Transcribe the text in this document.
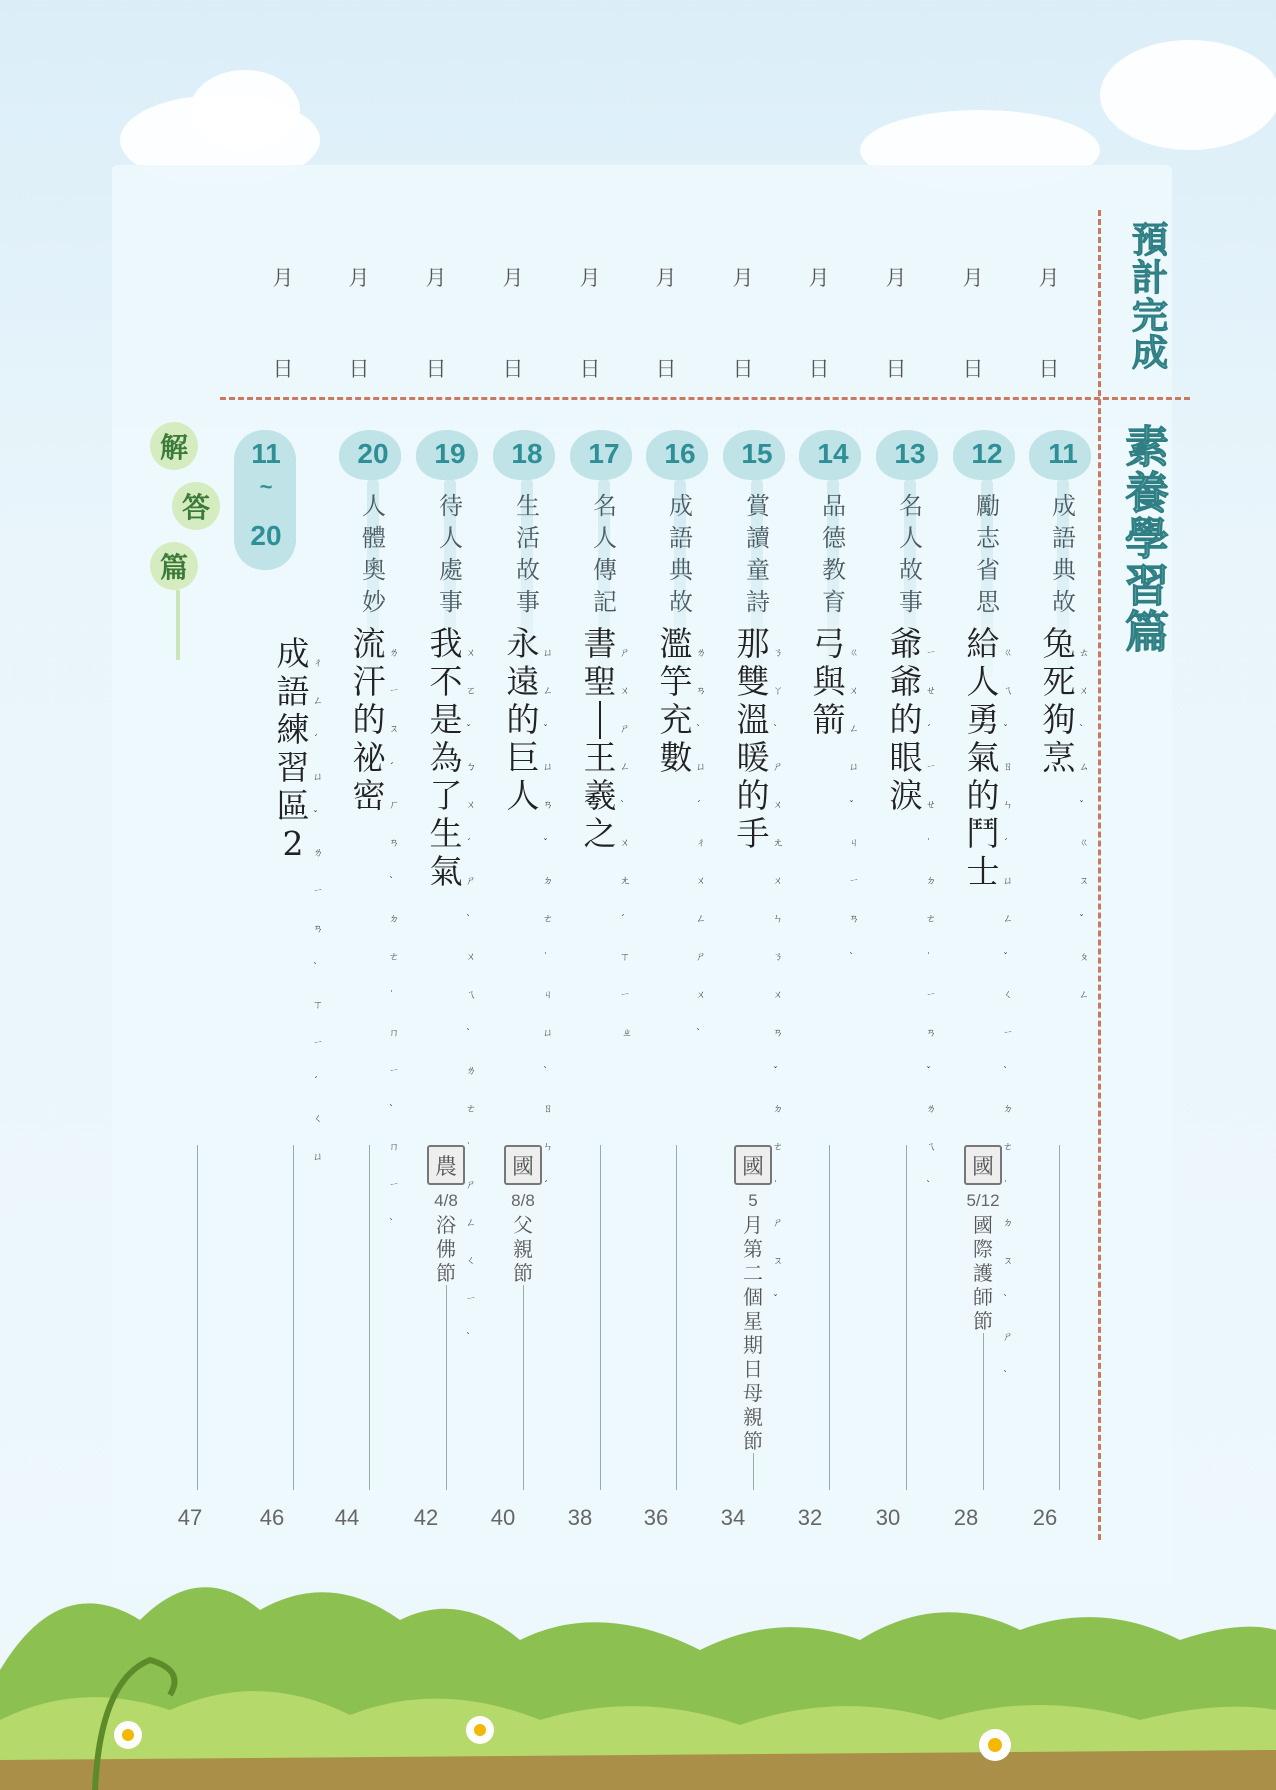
預
計
完
成
素
養
學
習
篇
月
日
月
日
月
日
月
日
月
日
月
日
月
日
月
日
月
日
月
日
月
日
11
成
語
典
故
兔
死
狗
烹
ㄊㄨˋ
ㄙˇ
ㄍㄡˇ
ㄆㄥ
26
12
勵
志
省
思
給
人
勇
氣
的
鬥
士
ㄍㄟˇ
ㄖㄣˊ
ㄩㄥˇ
ㄑㄧˋ
ㄉㄜ˙
ㄉㄡˋ
ㄕˋ
28
國
5/12
國
際
護
師
節
13
名
人
故
事
爺
爺
的
眼
淚
ㄧㄝˊ
ㄧㄝ˙
ㄉㄜ˙
ㄧㄢˇ
ㄌㄟˋ
30
14
品
德
教
育
弓
與
箭
ㄍㄨㄥ
ㄩˇ
ㄐㄧㄢˋ
32
15
賞
讀
童
詩
那
雙
溫
暖
的
手
ㄋㄚˋ
ㄕㄨㄤ
ㄨㄣ
ㄋㄨㄢˇ
ㄉㄜ˙
ㄕㄡˇ
34
國
5
月
第
二
個
星
期
日
母
親
節
16
成
語
典
故
濫
竽
充
數
ㄌㄢˋ
ㄩˊ
ㄔㄨㄥ
ㄕㄨˋ
36
17
名
人
傳
記
書
聖
王
羲
之
ㄕㄨ
ㄕㄥˋ
ㄨㄤˊ
ㄒㄧ
ㄓ
38
18
生
活
故
事
永
遠
的
巨
人
ㄩㄥˇ
ㄩㄢˇ
ㄉㄜ˙
ㄐㄩˋ
ㄖㄣˊ
40
國
8/8
父
親
節
19
待
人
處
事
我
不
是
為
了
生
氣
ㄨㄛˇ
ㄅㄨˊ
ㄕˋ
ㄨㄟˋ
ㄌㄜ˙
ㄕㄥ
ㄑㄧˋ
42
農
4/8
浴
佛
節
20
人
體
奧
妙
流
汗
的
祕
密
ㄌㄧㄡˊ
ㄏㄢˋ
ㄉㄜ˙
ㄇㄧˋ
ㄇㄧˋ
44
成
語
練
習
區
2
ㄔㄥˊ
ㄩˇ
ㄌㄧㄢˋ
ㄒㄧˊ
ㄑㄩ
46
解
答
篇
11
~
20
47
